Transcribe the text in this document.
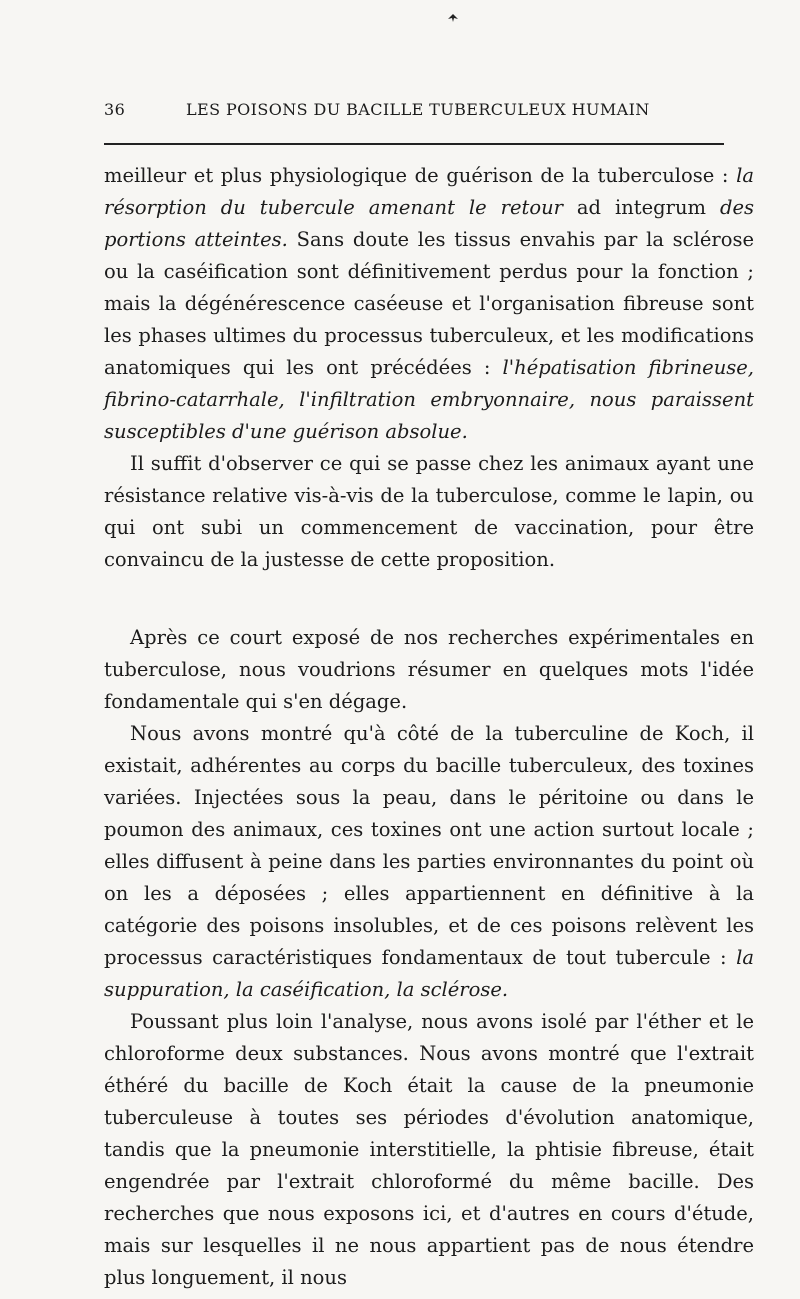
36	LES POISONS DU BACILLE TUBERCULEUX HUMAIN

meilleur et plus physiologique de guérison de la tuberculose : la résorption du tubercule amenant le retour ad integrum des portions atteintes. Sans doute les tissus envahis par la sclérose ou la caséification sont définitivement perdus pour la fonction ; mais la dégénérescence caséeuse et l'organisation fibreuse sont les phases ultimes du processus tuberculeux, et les modifications anatomiques qui les ont précédées : l'hépatisation fibrineuse, fibrino-catarrhale, l'infiltration embryonnaire, nous paraissent susceptibles d'une guérison absolue.

Il suffit d'observer ce qui se passe chez les animaux ayant une résistance relative vis-à-vis de la tuberculose, comme le lapin, ou qui ont subi un commencement de vaccination, pour être convaincu de la justesse de cette proposition.

Après ce court exposé de nos recherches expérimentales en tuberculose, nous voudrions résumer en quelques mots l'idée fondamentale qui s'en dégage.

Nous avons montré qu'à côté de la tuberculine de Koch, il existait, adhérentes au corps du bacille tuberculeux, des toxines variées. Injectées sous la peau, dans le péritoine ou dans le poumon des animaux, ces toxines ont une action surtout locale ; elles diffusent à peine dans les parties environnantes du point où on les a déposées ; elles appartiennent en définitive à la catégorie des poisons insolubles, et de ces poisons relèvent les processus caractéristiques fondamentaux de tout tubercule : la suppuration, la caséification, la sclérose.

Poussant plus loin l'analyse, nous avons isolé par l'éther et le chloroforme deux substances. Nous avons montré que l'extrait éthéré du bacille de Koch était la cause de la pneumonie tuberculeuse à toutes ses périodes d'évolution anatomique, tandis que la pneumonie interstitielle, la phtisie fibreuse, était engendrée par l'extrait chloroformé du même bacille. Des recherches que nous exposons ici, et d'autres en cours d'étude, mais sur lesquelles il ne nous appartient pas de nous étendre plus longuement, il nous
